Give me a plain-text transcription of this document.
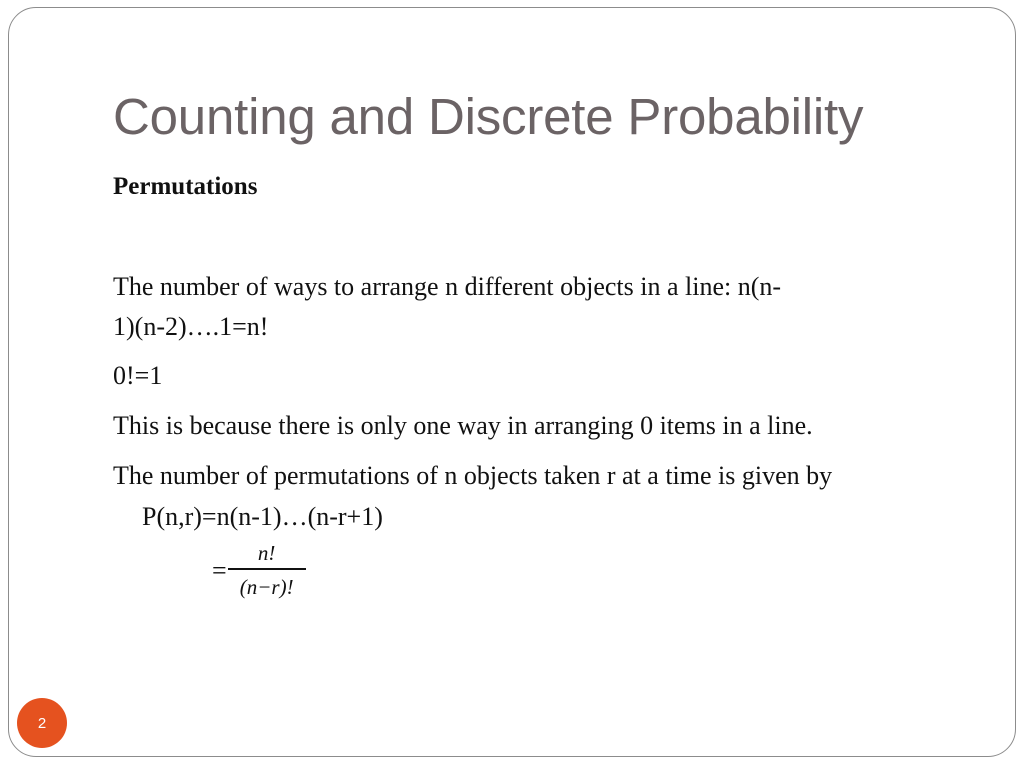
Counting and Discrete Probability
Permutations
The number of ways to arrange n different objects in a line: n(n-
1)(n-2)….1=n!
0!=1
This is because there is only one way in arranging 0 items in a line.
The number of permutations of n objects taken r at a time is given by
P(n,r)=n(n-1)…(n-r+1)
= $\frac{n!}{(n-r)!}$
2
